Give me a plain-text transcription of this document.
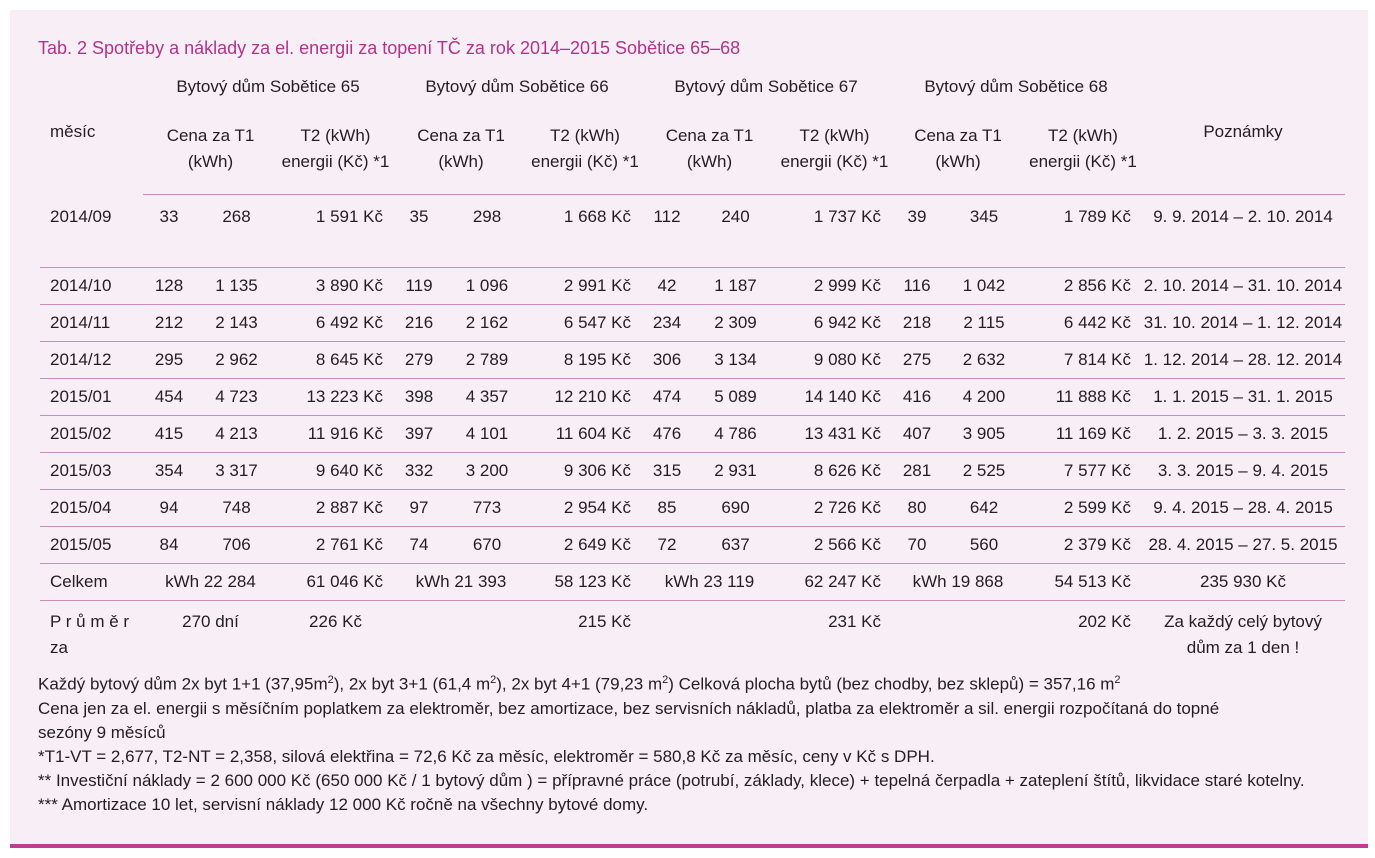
Tab. 2 Spotřeby a náklady za el. energii za topení TČ za rok 2014–2015 Sobětice 65–68
měsíc	Bytový dům Sobětice 65			Bytový dům Sobětice 66			Bytový dům Sobětice 67			Bytový dům Sobětice 68			Poznámky
	Cena za T1 (kWh)		T2 (kWh) energii (Kč) *1	Cena za T1 (kWh)		T2 (kWh) energii (Kč) *1	Cena za T1 (kWh)		T2 (kWh) energii (Kč) *1	Cena za T1 (kWh)		T2 (kWh) energii (Kč) *1	
2014/09	33	268	1 591 Kč	35	298	1 668 Kč	112	240	1 737 Kč	39	345	1 789 Kč	9. 9. 2014 – 2. 10. 2014
2014/10	128	1 135	3 890 Kč	119	1 096	2 991 Kč	42	1 187	2 999 Kč	116	1 042	2 856 Kč	2. 10. 2014 – 31. 10. 2014
2014/11	212	2 143	6 492 Kč	216	2 162	6 547 Kč	234	2 309	6 942 Kč	218	2 115	6 442 Kč	31. 10. 2014 – 1. 12. 2014
2014/12	295	2 962	8 645 Kč	279	2 789	8 195 Kč	306	3 134	9 080 Kč	275	2 632	7 814 Kč	1. 12. 2014 – 28. 12. 2014
2015/01	454	4 723	13 223 Kč	398	4 357	12 210 Kč	474	5 089	14 140 Kč	416	4 200	11 888 Kč	1. 1. 2015 – 31. 1. 2015
2015/02	415	4 213	11 916 Kč	397	4 101	11 604 Kč	476	4 786	13 431 Kč	407	3 905	11 169 Kč	1. 2. 2015 – 3. 3. 2015
2015/03	354	3 317	9 640 Kč	332	3 200	9 306 Kč	315	2 931	8 626 Kč	281	2 525	7 577 Kč	3. 3. 2015 – 9. 4. 2015
2015/04	94	748	2 887 Kč	97	773	2 954 Kč	85	690	2 726 Kč	80	642	2 599 Kč	9. 4. 2015 – 28. 4. 2015
2015/05	84	706	2 761 Kč	74	670	2 649 Kč	72	637	2 566 Kč	70	560	2 379 Kč	28. 4. 2015 – 27. 5. 2015
Celkem	kWh 22 284		61 046 Kč	kWh 21 393		58 123 Kč	kWh 23 119		62 247 Kč	kWh 19 868		54 513 Kč	235 930 Kč
P r ů m ě r za	270 dní		226 Kč			215 Kč			231 Kč			202 Kč	Za každý celý bytový dům za 1 den !
Každý bytový dům 2x byt 1+1 $(37,95m^2)$, 2x byt 3+1 (61,4 $m^2$), 2x byt 4+1 (79,23 $m^2$) Celková plocha bytů (bez chodby, bez sklepů) = 357,16 $m^2$
Cena jen za el. energii s měsíčním poplatkem za elektroměr, bez amortizace, bez servisních nákladů, platba za elektroměr a sil. energii rozpočítaná do topné
sezóny 9 měsíců
*T1-VT = 2,677, T2-NT = 2,358, silová elektřina = 72,6 Kč za měsíc, elektroměr = 580,8 Kč za měsíc, ceny v Kč s DPH.
** Investiční náklady = 2 600 000 Kč (650 000 Kč / 1 bytový dům ) = přípravné práce (potrubí, základy, klece) + tepelná čerpadla + zateplení štítů, likvidace staré kotelny.
*** Amortizace 10 let, servisní náklady 12 000 Kč ročně na všechny bytové domy.
